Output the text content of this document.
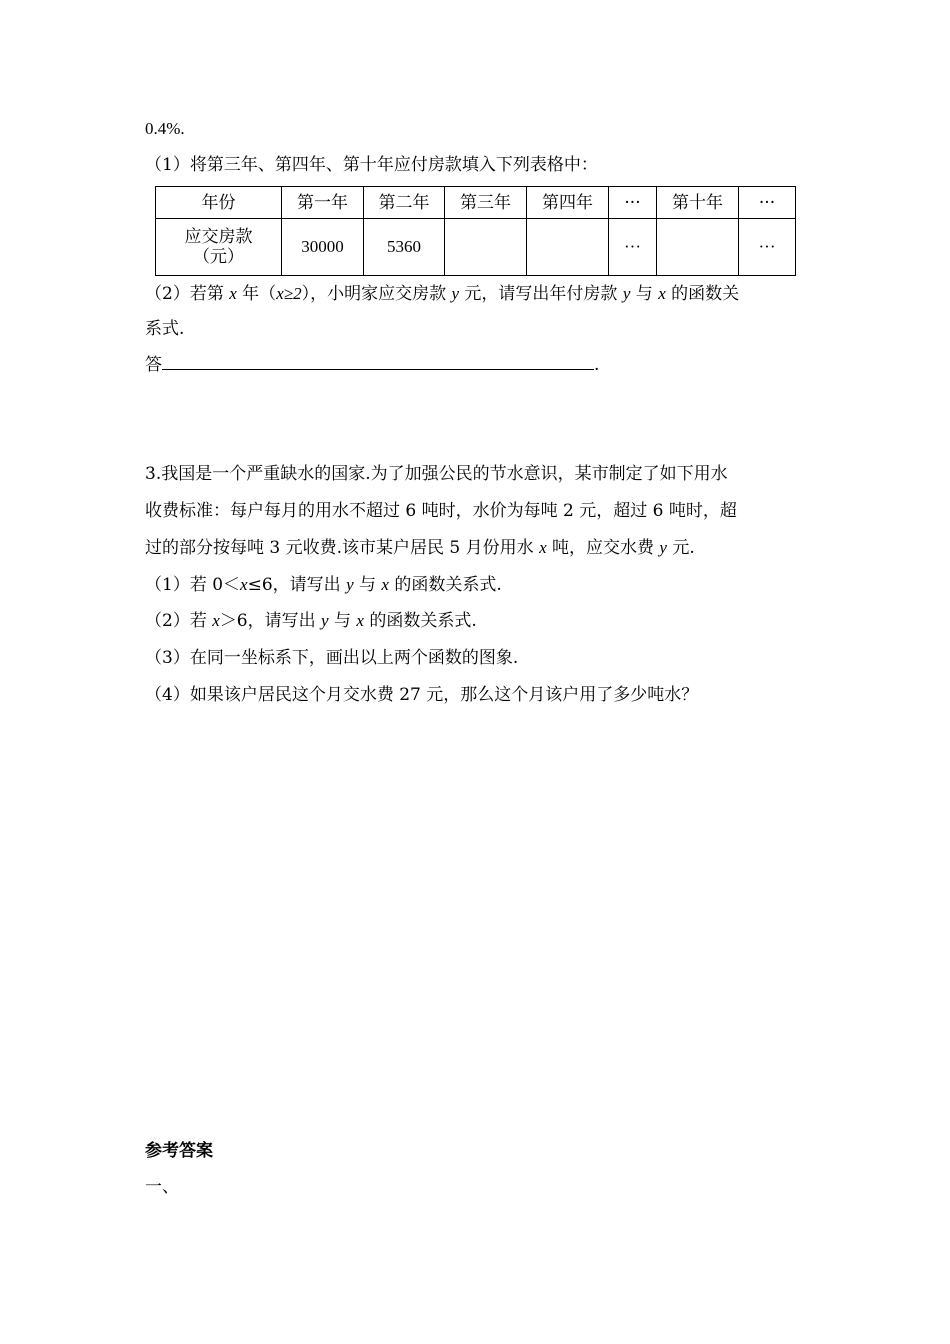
0.4%.
（1）将第三年、第四年、第十年应付房款填入下列表格中：
年份	第一年	第二年	第三年	第四年	···	第十年	···

应交房款
（元）	30000	5360			···		···
（2）若第 x 年（x≥2），小明家应交房款 y 元，请写出年付房款 y 与 x 的函数关
系式.
答	.
3.我国是一个严重缺水的国家.为了加强公民的节水意识，某市制定了如下用水
收费标准：每户每月的用水不超过 6 吨时，水价为每吨 2 元，超过 6 吨时，超
过的部分按每吨 3 元收费.该市某户居民 5 月份用水 x 吨，应交水费 y 元.
（1）若 0＜x≤6，请写出 y 与 x 的函数关系式.
（2）若 x＞6，请写出 y 与 x 的函数关系式.
（3）在同一坐标系下，画出以上两个函数的图象.
（4）如果该户居民这个月交水费 27 元，那么这个月该户用了多少吨水？
参考答案
一、
